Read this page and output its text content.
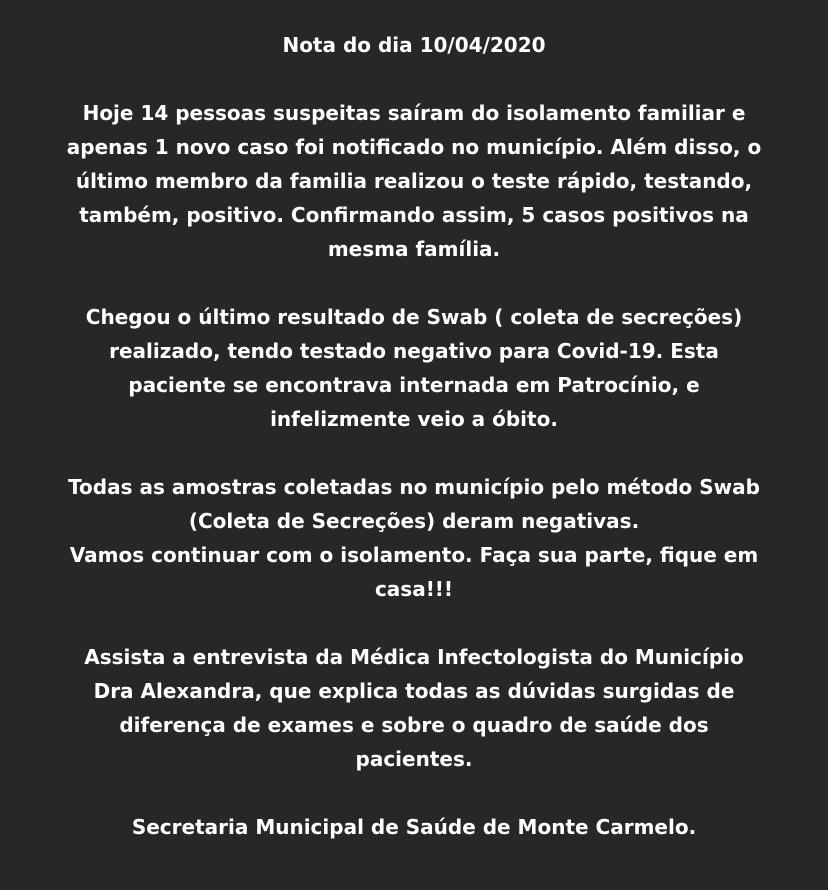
Nota do dia 10/04/2020
Hoje 14 pessoas suspeitas saíram do isolamento familiar e
apenas 1 novo caso foi notificado no município. Além disso, o
último membro da familia realizou o teste rápido, testando,
também, positivo. Confirmando assim, 5 casos positivos na
mesma família.
Chegou o último resultado de Swab ( coleta de secreções)
realizado, tendo testado negativo para Covid-19. Esta
paciente se encontrava internada em Patrocínio, e
infelizmente veio a óbito.
Todas as amostras coletadas no município pelo método Swab
(Coleta de Secreções) deram negativas.
Vamos continuar com o isolamento. Faça sua parte, fique em
casa!!!
Assista a entrevista da Médica Infectologista do Município
Dra Alexandra, que explica todas as dúvidas surgidas de
diferença de exames e sobre o quadro de saúde dos
pacientes.
Secretaria Municipal de Saúde de Monte Carmelo.
